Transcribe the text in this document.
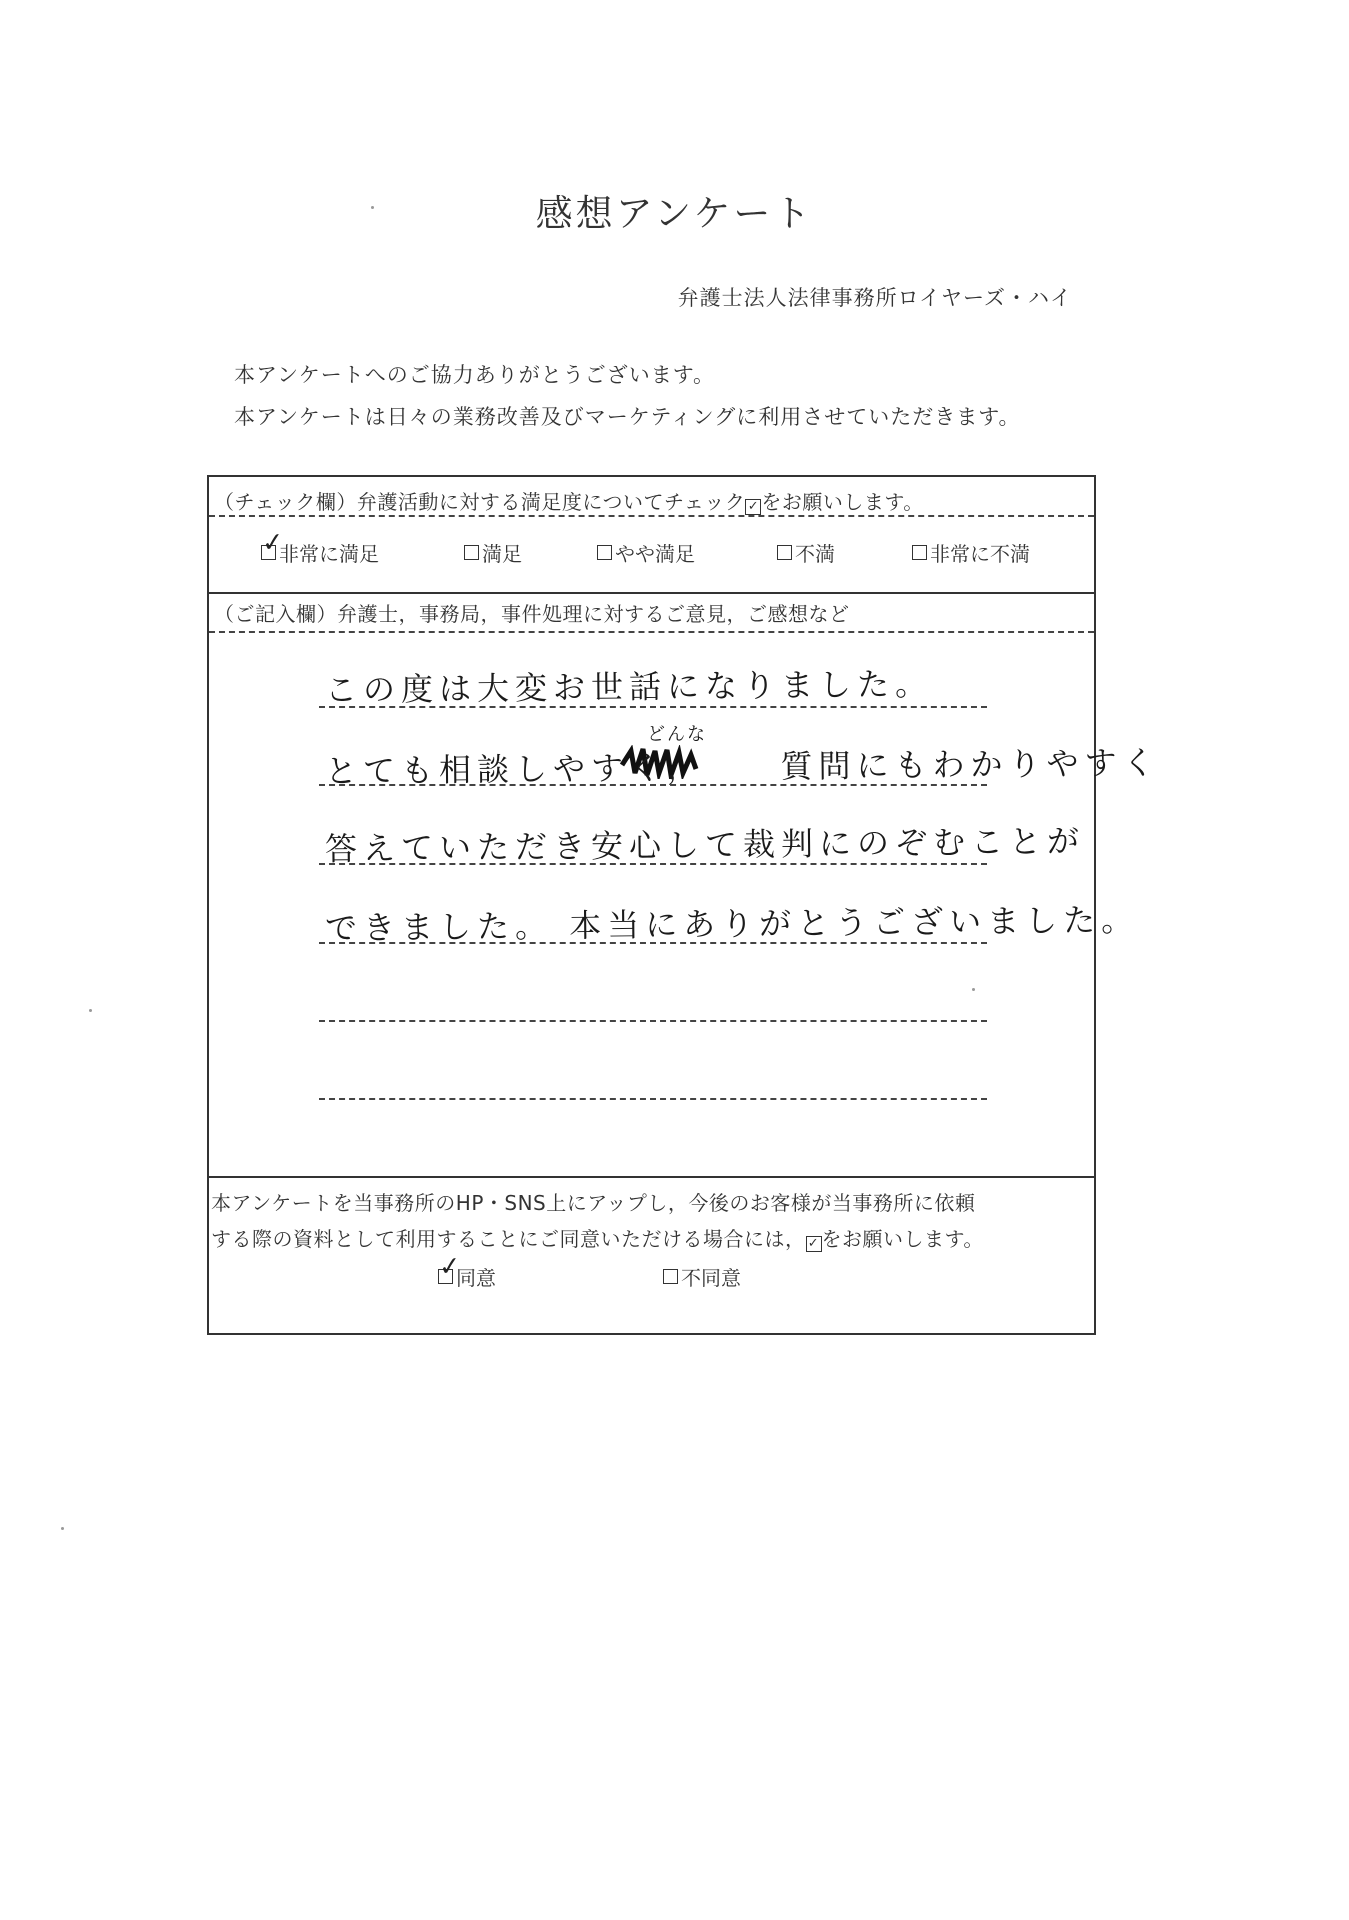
感想アンケート
弁護士法人法律事務所ロイヤーズ・ハイ
本アンケートへのご協力ありがとうございます。
本アンケートは日々の業務改善及びマーケティングに利用させていただきます。
（チェック欄）弁護活動に対する満足度についてチェック ✓ をお願いします。
✓
非常に満足	満足	やや満足	不満	非常に不満
（ご記入欄）弁護士，事務局，事件処理に対するご意見，ご感想など
この度は大変お世話になりました。
どんな
とても相談しやすく，　　 質問にもわかりやすく
答えていただき安心して裁判にのぞむことが
できました。 本当にありがとうございました。
本アンケートを当事務所のHP・SNS上にアップし，今後のお客様が当事務所に依頼
する際の資料として利用することにご同意いただける場合には， ✓ をお願いします。
✓
同意	不同意
